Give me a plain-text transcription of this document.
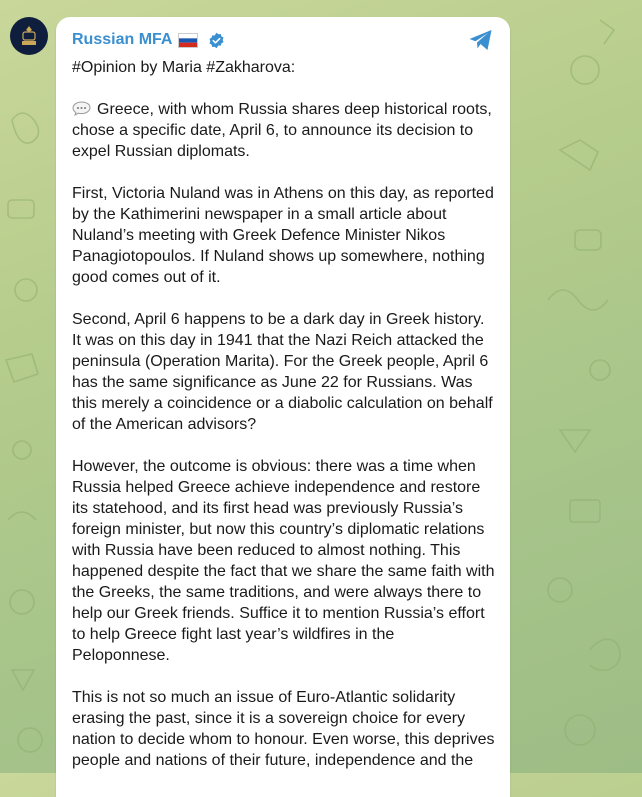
Russian MFA

#Opinion by Maria #Zakharova:

Greece, with whom Russia shares deep historical roots, chose a specific date, April 6, to announce its decision to expel Russian diplomats.

First, Victoria Nuland was in Athens on this day, as reported by the Kathimerini newspaper in a small article about Nuland’s meeting with Greek Defence Minister Nikos Panagiotopoulos. If Nuland shows up somewhere, nothing good comes out of it.

Second, April 6 happens to be a dark day in Greek history. It was on this day in 1941 that the Nazi Reich attacked the peninsula (Operation Marita). For the Greek people, April 6 has the same significance as June 22 for Russians. Was this merely a coincidence or a diabolic calculation on behalf of the American advisors?

However, the outcome is obvious: there was a time when Russia helped Greece achieve independence and restore its statehood, and its first head was previously Russia’s foreign minister, but now this country’s diplomatic relations with Russia have been reduced to almost nothing. This happened despite the fact that we share the same faith with the Greeks, the same traditions, and were always there to help our Greek friends. Suffice it to mention Russia’s effort to help Greece fight last year’s wildfires in the Peloponnese.

This is not so much an issue of Euro-Atlantic solidarity erasing the past, since it is a sovereign choice for every nation to decide whom to honour. Even worse, this deprives people and nations of their future, independence and the
